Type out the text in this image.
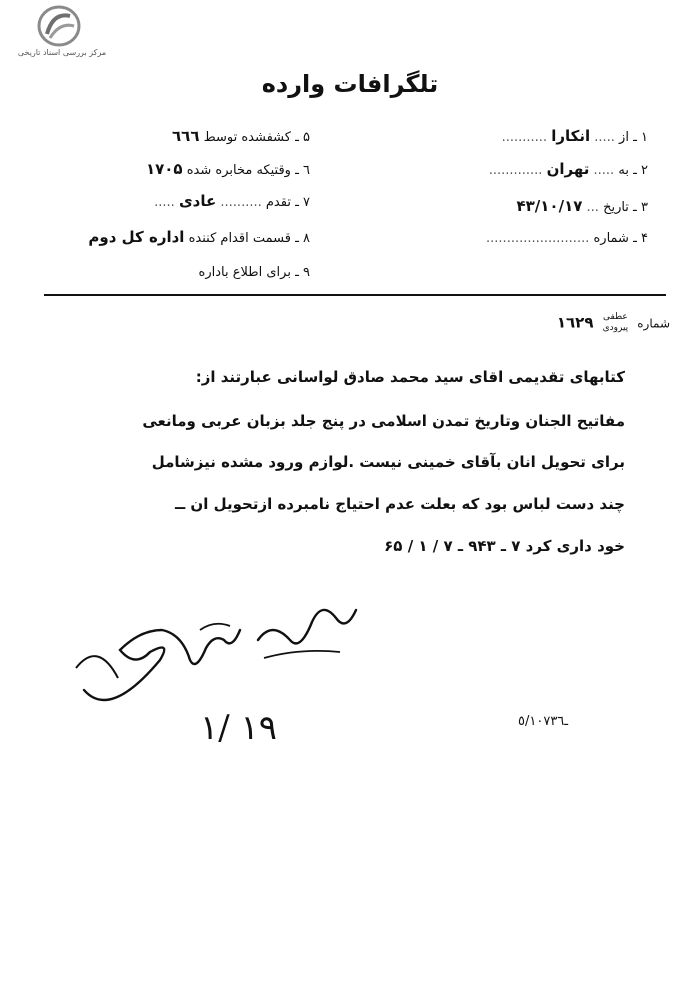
مرکز بررسی اسناد تاریخی
تلگرافات وارده
۱ ـ از ..... انکارا ...........
۲ ـ به ..... تهران .............
۳ ـ تاریخ ... ۴۳/۱۰/۱۷
۴ ـ شماره .........................
۵ ـ کشفشده توسط ٦٦٦
٦ ـ وقتیکه مخابره شده ۱۷۰۵
۷ ـ تقدم .......... عادی .....
۸ ـ قسمت اقدام کننده اداره کل دوم
۹ ـ برای اطلاع باداره
شماره عطفی
پیرودی ۱٦۲۹
کتابهای تقدیمی اقای سید محمد صادق لواسانی عبارتند از:
مفاتیح الجنان وتاریخ تمدن اسلامی در پنج جلد بزبان عربی ومانعی
برای تحویل انان بآقای خمینی نیست .لوازم ورود مشده نیزشامل
چند دست لباس بود که بعلت عدم احتیاج نامبرده ازتحویل ان ــ
خود داری کرد ۷ ـ ۹۴۳ ـ ۷ / ۱ / ۶۵
۱/ ۱۹	٥/۱۰۷ـ۳٦
